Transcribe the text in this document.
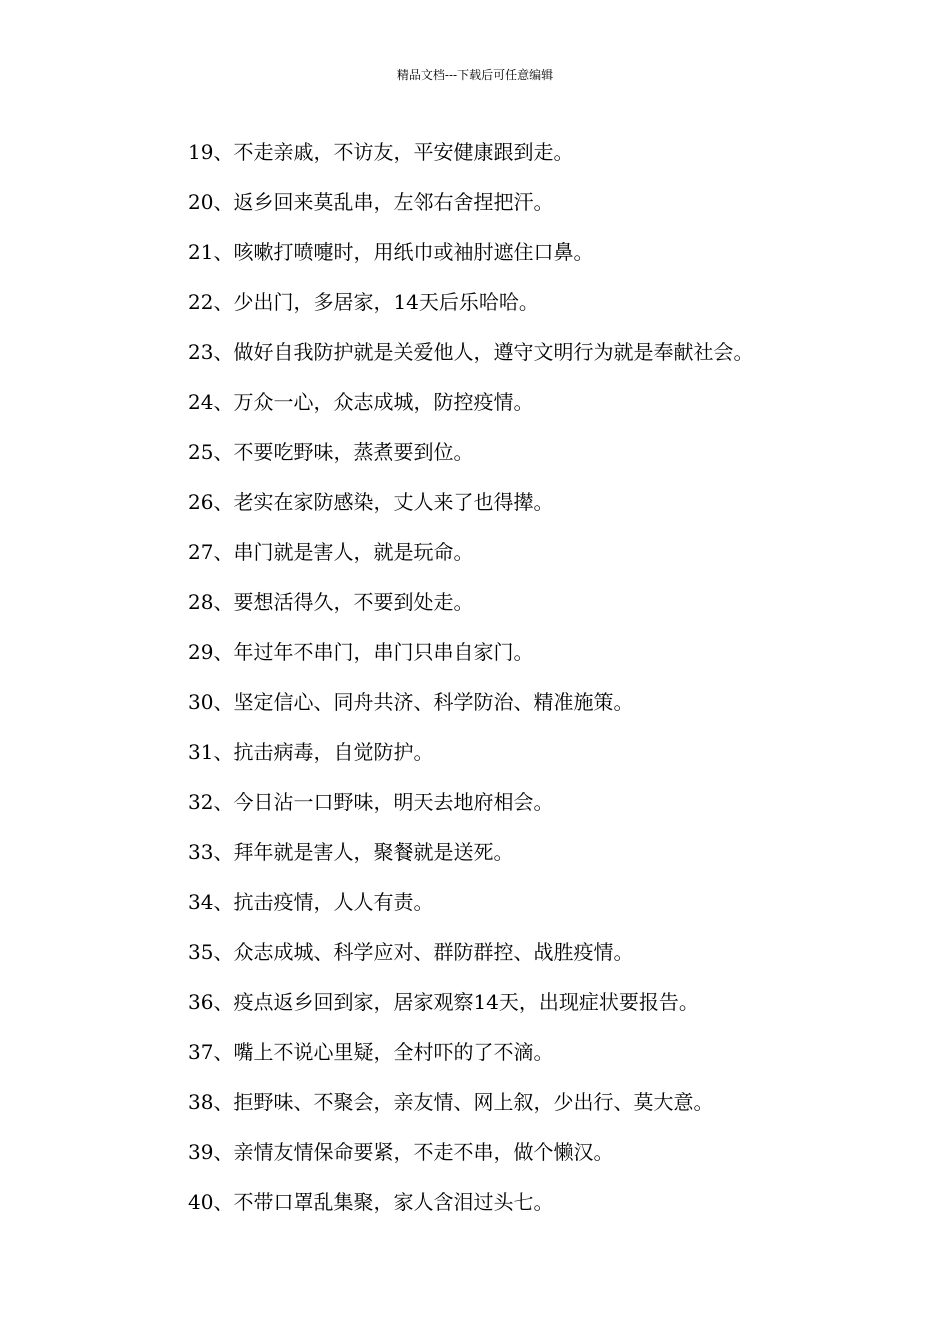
精品文档---下载后可任意编辑
19、不走亲戚，不访友，平安健康跟到走。
20、返乡回来莫乱串，左邻右舍捏把汗。
21、咳嗽打喷嚏时，用纸巾或袖肘遮住口鼻。
22、少出门，多居家，14天后乐哈哈。
23、做好自我防护就是关爱他人，遵守文明行为就是奉献社会。
24、万众一心，众志成城，防控疫情。
25、不要吃野味，蒸煮要到位。
26、老实在家防感染，丈人来了也得撵。
27、串门就是害人，就是玩命。
28、要想活得久，不要到处走。
29、年过年不串门，串门只串自家门。
30、坚定信心、同舟共济、科学防治、精准施策。
31、抗击病毒，自觉防护。
32、今日沾一口野味，明天去地府相会。
33、拜年就是害人，聚餐就是送死。
34、抗击疫情，人人有责。
35、众志成城、科学应对、群防群控、战胜疫情。
36、疫点返乡回到家，居家观察14天，出现症状要报告。
37、嘴上不说心里疑，全村吓的了不滴。
38、拒野味、不聚会，亲友情、网上叙，少出行、莫大意。
39、亲情友情保命要紧，不走不串，做个懒汉。
40、不带口罩乱集聚，家人含泪过头七。
